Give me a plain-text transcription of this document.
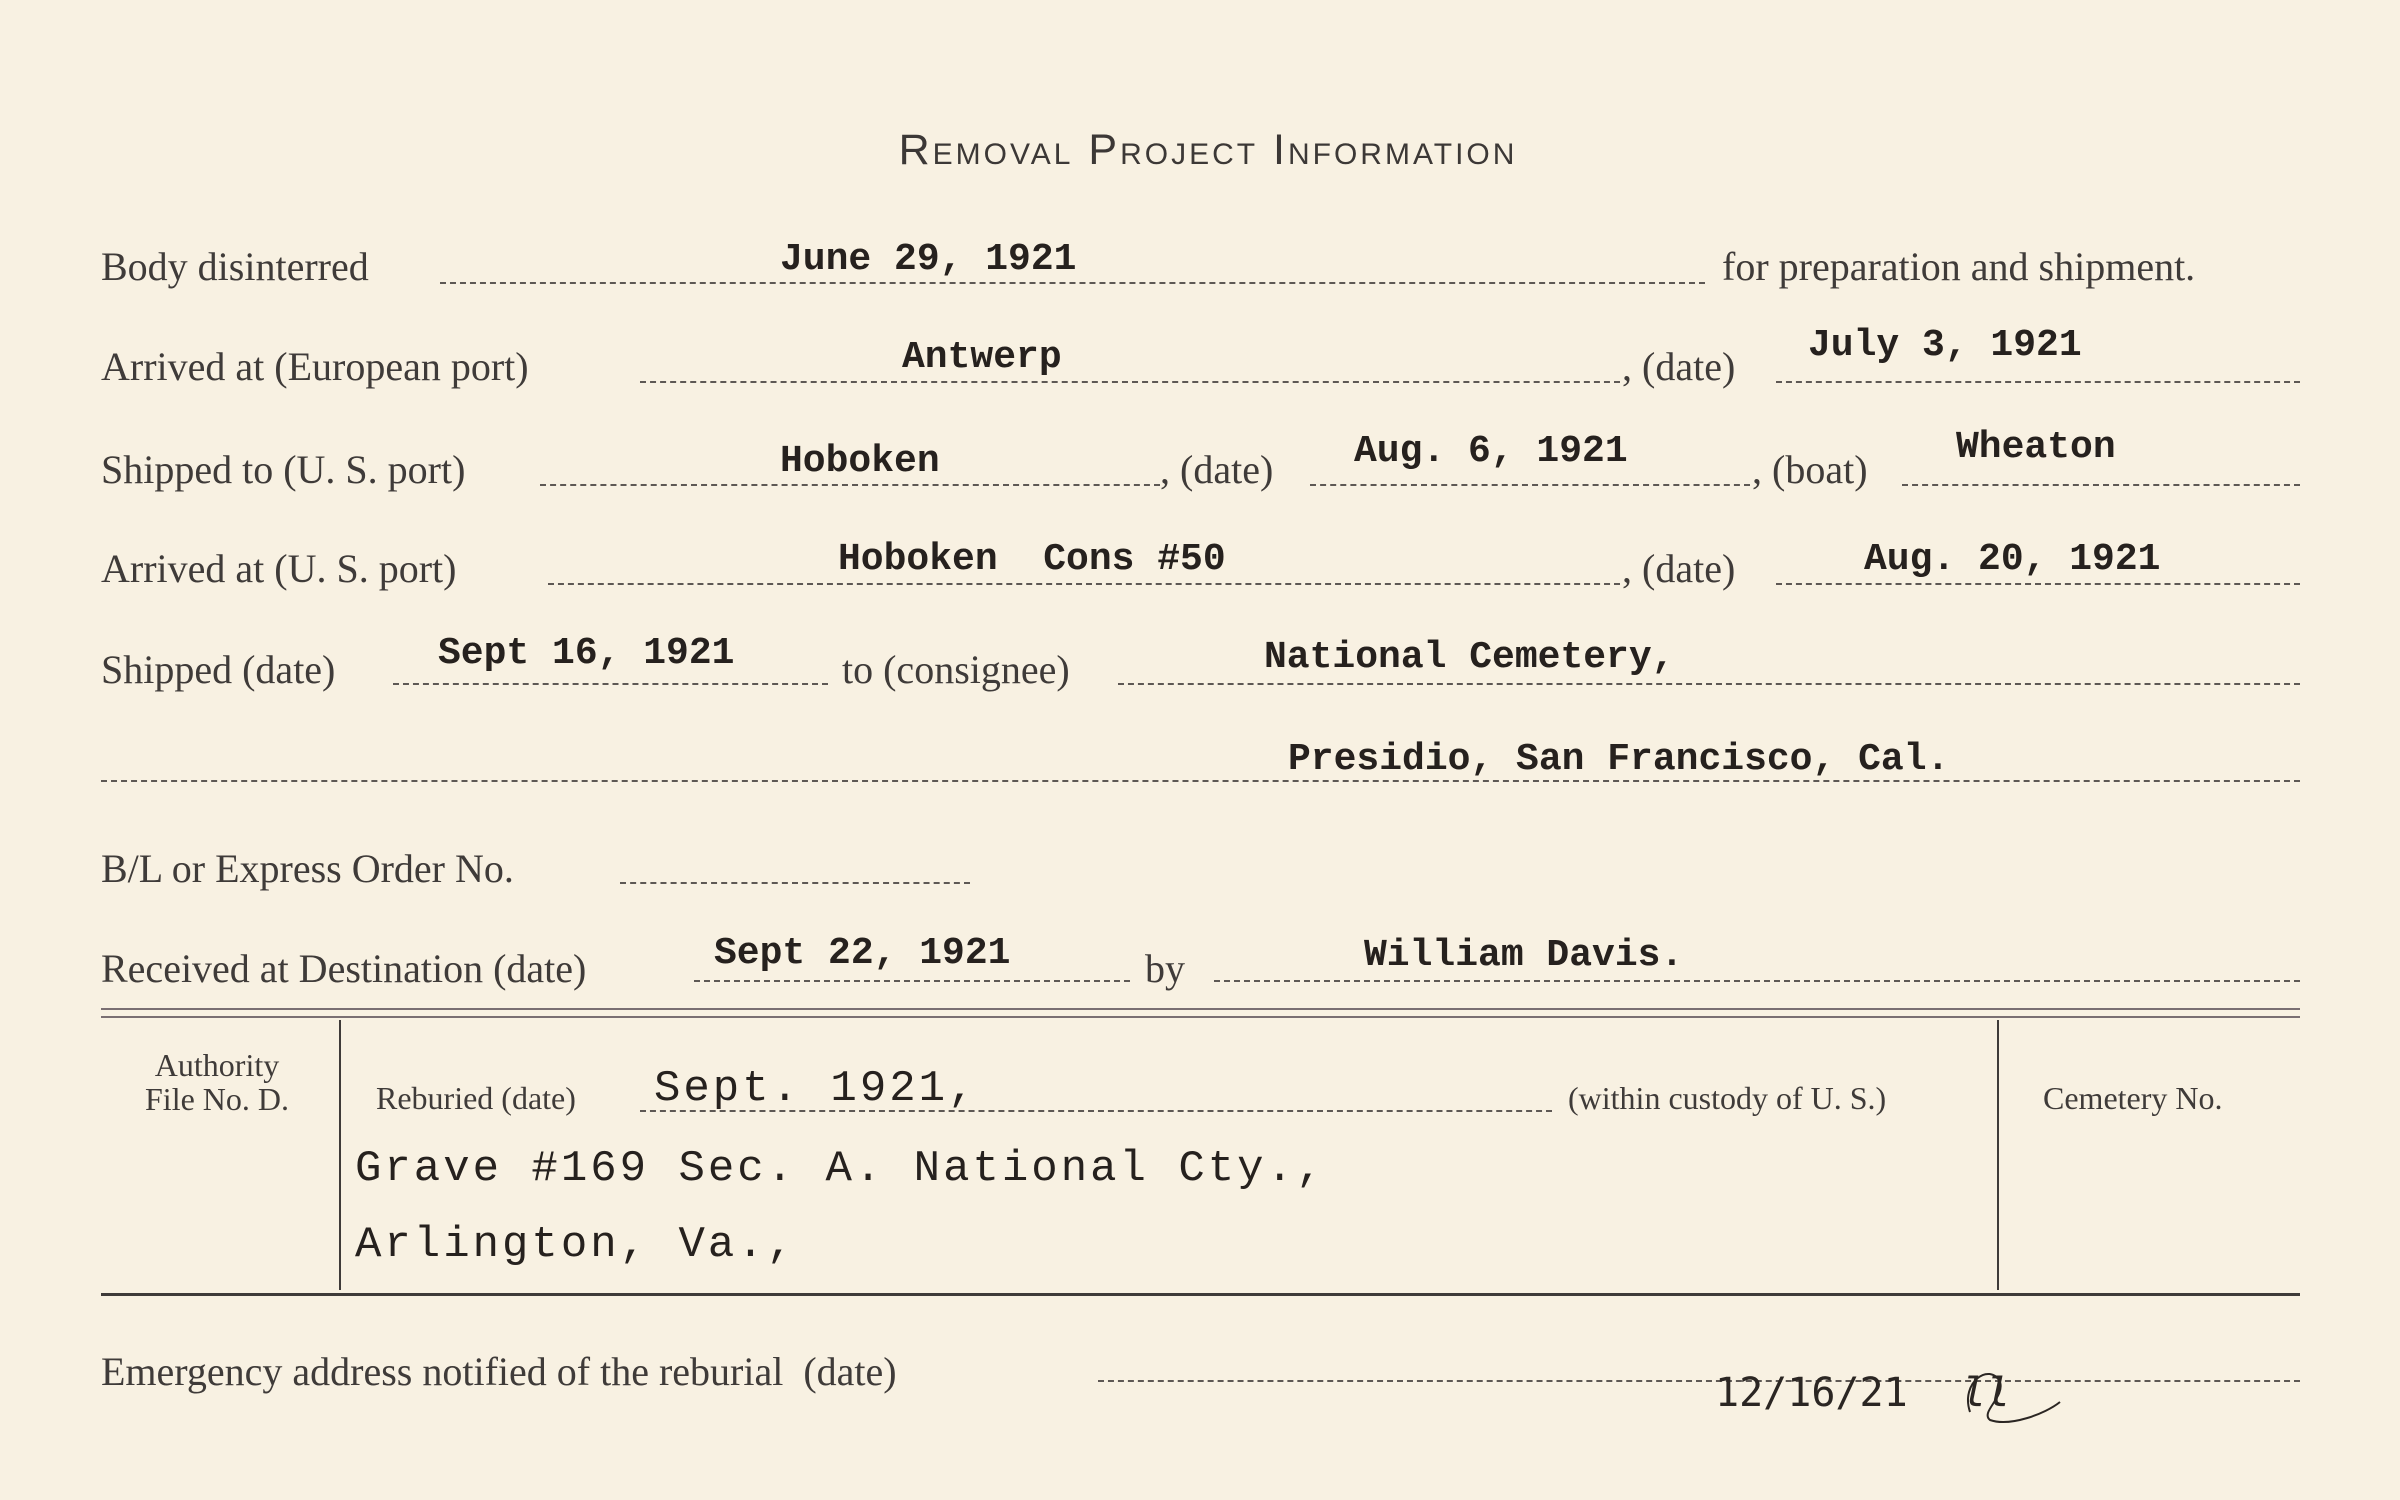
Removal Project Information
Body disinterred	June 29, 1921	for preparation and shipment.
Arrived at (European port)	Antwerp	, (date) July 3, 1921
Shipped to (U. S. port)	Hoboken	, (date) Aug. 6, 1921	, (boat) Wheaton
Arrived at (U. S. port)	Hoboken  Cons #50	, (date)	Aug. 20, 1921
Shipped (date)	Sept 16, 1921	to (consignee)	National Cemetery,
Presidio, San Francisco, Cal.
B/L or Express Order No.
Received at Destination (date)	Sept 22, 1921	by	William Davis.
Authority
File No. D.	Reburied (date) Sept. 1921,	(within custody of U. S.)
Grave #169 Sec. A. National Cty.,
Arlington, Va.,
Cemetery No.
Emergency address notified of the reburial  (date)	12/16/21 ll
